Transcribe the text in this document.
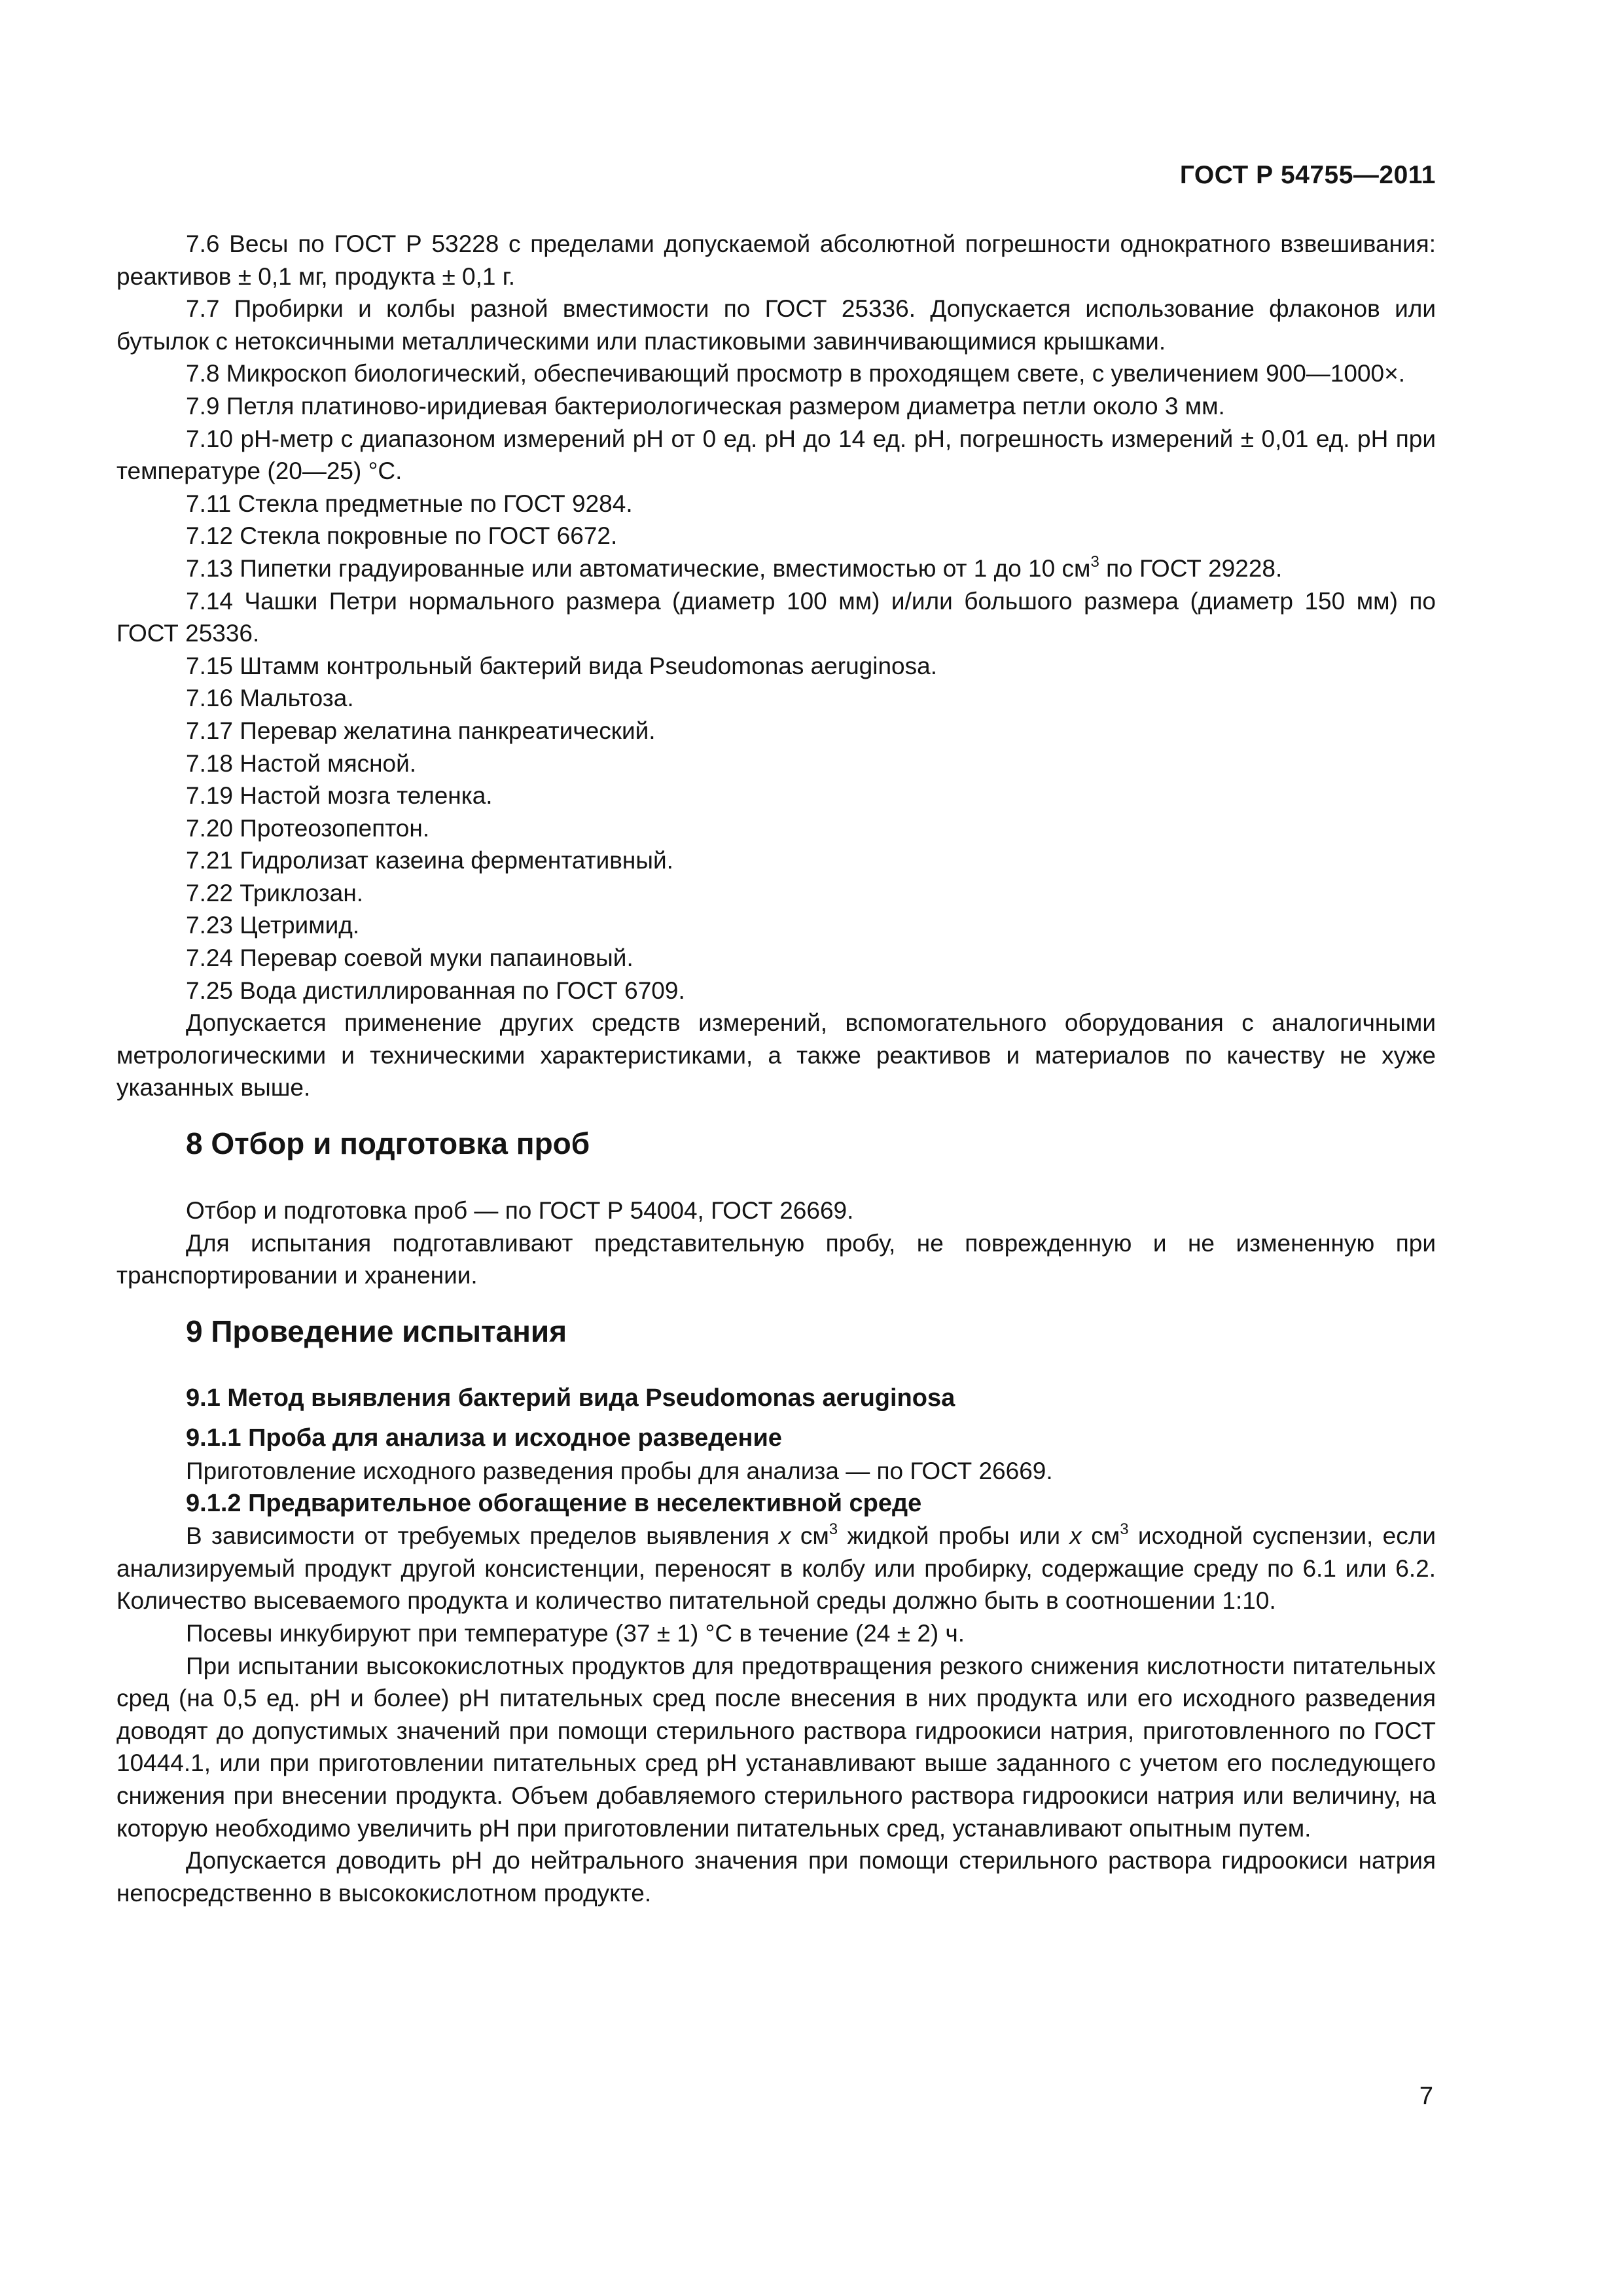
ГОСТ Р 54755—2011

7.6 Весы по ГОСТ Р 53228 с пределами допускаемой абсолютной погрешности однократного взвешивания: реактивов ± 0,1 мг, продукта ± 0,1 г.

7.7 Пробирки и колбы разной вместимости по ГОСТ 25336. Допускается использование флаконов или бутылок с нетоксичными металлическими или пластиковыми завинчивающимися крышками.

7.8 Микроскоп биологический, обеспечивающий просмотр в проходящем свете, с увеличением 900—1000×.

7.9 Петля платиново-иридиевая бактериологическая размером диаметра петли около 3 мм.

7.10 pH-метр с диапазоном измерений pH от 0 ед. pH до 14 ед. pH, погрешность измерений ± 0,01 ед. pH при температуре (20—25) °С.

7.11 Стекла предметные по ГОСТ 9284.

7.12 Стекла покровные по ГОСТ 6672.

7.13 Пипетки градуированные или автоматические, вместимостью от 1 до 10 $см^3$ по ГОСТ 29228.

7.14 Чашки Петри нормального размера (диаметр 100 мм) и/или большого размера (диаметр 150 мм) по ГОСТ 25336.

7.15 Штамм контрольный бактерий вида Pseudomonas aeruginosa.

7.16 Мальтоза.

7.17 Перевар желатина панкреатический.

7.18 Настой мясной.

7.19 Настой мозга теленка.

7.20 Протеозопептон.

7.21 Гидролизат казеина ферментативный.

7.22 Триклозан.

7.23 Цетримид.

7.24 Перевар соевой муки папаиновый.

7.25 Вода дистиллированная по ГОСТ 6709.

Допускается применение других средств измерений, вспомогательного оборудования с аналогичными метрологическими и техническими характеристиками, а также реактивов и материалов по качеству не хуже указанных выше.

8 Отбор и подготовка проб

Отбор и подготовка проб — по ГОСТ Р 54004, ГОСТ 26669.

Для испытания подготавливают представительную пробу, не поврежденную и не измененную при транспортировании и хранении.

9 Проведение испытания

9.1 Метод выявления бактерий вида Pseudomonas aeruginosa

9.1.1 Проба для анализа и исходное разведение

Приготовление исходного разведения пробы для анализа — по ГОСТ 26669.

9.1.2 Предварительное обогащение в неселективной среде

В зависимости от требуемых пределов выявления x $см^3$ жидкой пробы или x $см^3$ исходной суспензии, если анализируемый продукт другой консистенции, переносят в колбу или пробирку, содержащие среду по 6.1 или 6.2. Количество высеваемого продукта и количество питательной среды должно быть в соотношении 1:10.

Посевы инкубируют при температуре (37 ± 1) °С в течение (24 ± 2) ч.

При испытании высококислотных продуктов для предотвращения резкого снижения кислотности питательных сред (на 0,5 ед. pH и более) pH питательных сред после внесения в них продукта или его исходного разведения доводят до допустимых значений при помощи стерильного раствора гидроокиси натрия, приготовленного по ГОСТ 10444.1, или при приготовлении питательных сред pH устанавливают выше заданного с учетом его последующего снижения при внесении продукта. Объем добавляемого стерильного раствора гидроокиси натрия или величину, на которую необходимо увеличить pH при приготовлении питательных сред, устанавливают опытным путем.

Допускается доводить pH до нейтрального значения при помощи стерильного раствора гидроокиси натрия непосредственно в высококислотном продукте.

7
